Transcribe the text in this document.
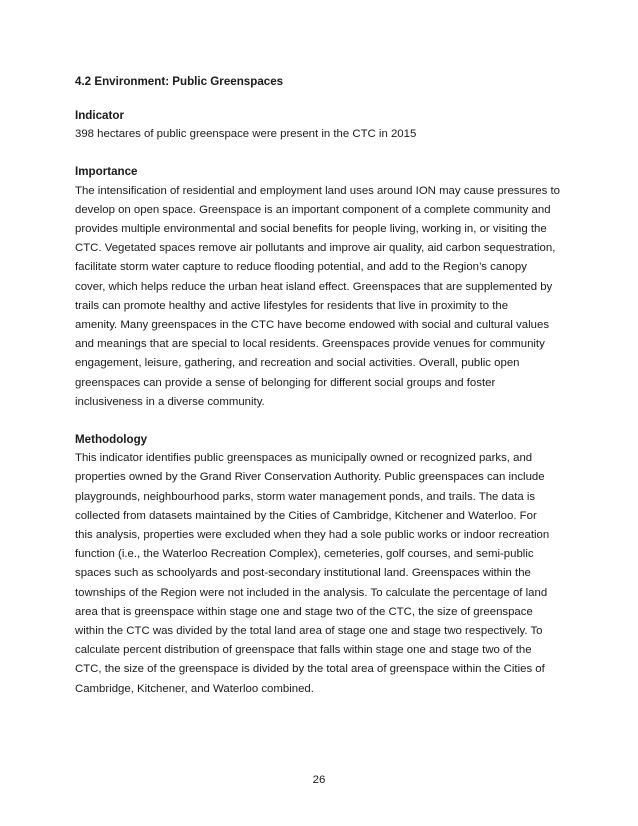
4.2 Environment: Public Greenspaces
Indicator
398 hectares of public greenspace were present in the CTC in 2015
Importance
The intensification of residential and employment land uses around ION may cause pressures to
develop on open space. Greenspace is an important component of a complete community and
provides multiple environmental and social benefits for people living, working in, or visiting the
CTC. Vegetated spaces remove air pollutants and improve air quality, aid carbon sequestration,
facilitate storm water capture to reduce flooding potential, and add to the Region’s canopy
cover, which helps reduce the urban heat island effect. Greenspaces that are supplemented by
trails can promote healthy and active lifestyles for residents that live in proximity to the
amenity. Many greenspaces in the CTC have become endowed with social and cultural values
and meanings that are special to local residents. Greenspaces provide venues for community
engagement, leisure, gathering, and recreation and social activities. Overall, public open
greenspaces can provide a sense of belonging for different social groups and foster
inclusiveness in a diverse community.
Methodology
This indicator identifies public greenspaces as municipally owned or recognized parks, and
properties owned by the Grand River Conservation Authority. Public greenspaces can include
playgrounds, neighbourhood parks, storm water management ponds, and trails. The data is
collected from datasets maintained by the Cities of Cambridge, Kitchener and Waterloo. For
this analysis, properties were excluded when they had a sole public works or indoor recreation
function (i.e., the Waterloo Recreation Complex), cemeteries, golf courses, and semi-public
spaces such as schoolyards and post-secondary institutional land. Greenspaces within the
townships of the Region were not included in the analysis. To calculate the percentage of land
area that is greenspace within stage one and stage two of the CTC, the size of greenspace
within the CTC was divided by the total land area of stage one and stage two respectively. To
calculate percent distribution of greenspace that falls within stage one and stage two of the
CTC, the size of the greenspace is divided by the total area of greenspace within the Cities of
Cambridge, Kitchener, and Waterloo combined.
26
